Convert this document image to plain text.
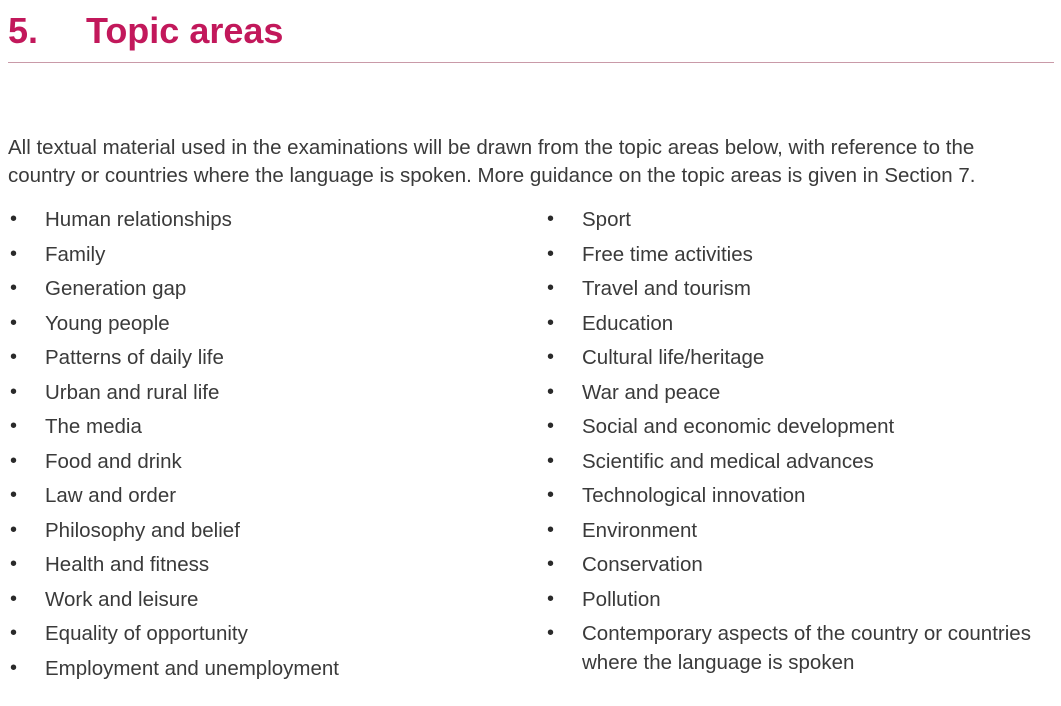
5.	Topic areas

All textual material used in the examinations will be drawn from the topic areas below, with reference to the country or countries where the language is spoken. More guidance on the topic areas is given in Section 7.

• Human relationships
• Family
• Generation gap
• Young people
• Patterns of daily life
• Urban and rural life
• The media
• Food and drink
• Law and order
• Philosophy and belief
• Health and fitness
• Work and leisure
• Equality of opportunity
• Employment and unemployment
• Sport
• Free time activities
• Travel and tourism
• Education
• Cultural life/heritage
• War and peace
• Social and economic development
• Scientific and medical advances
• Technological innovation
• Environment
• Conservation
• Pollution
• Contemporary aspects of the country or countries where the language is spoken
